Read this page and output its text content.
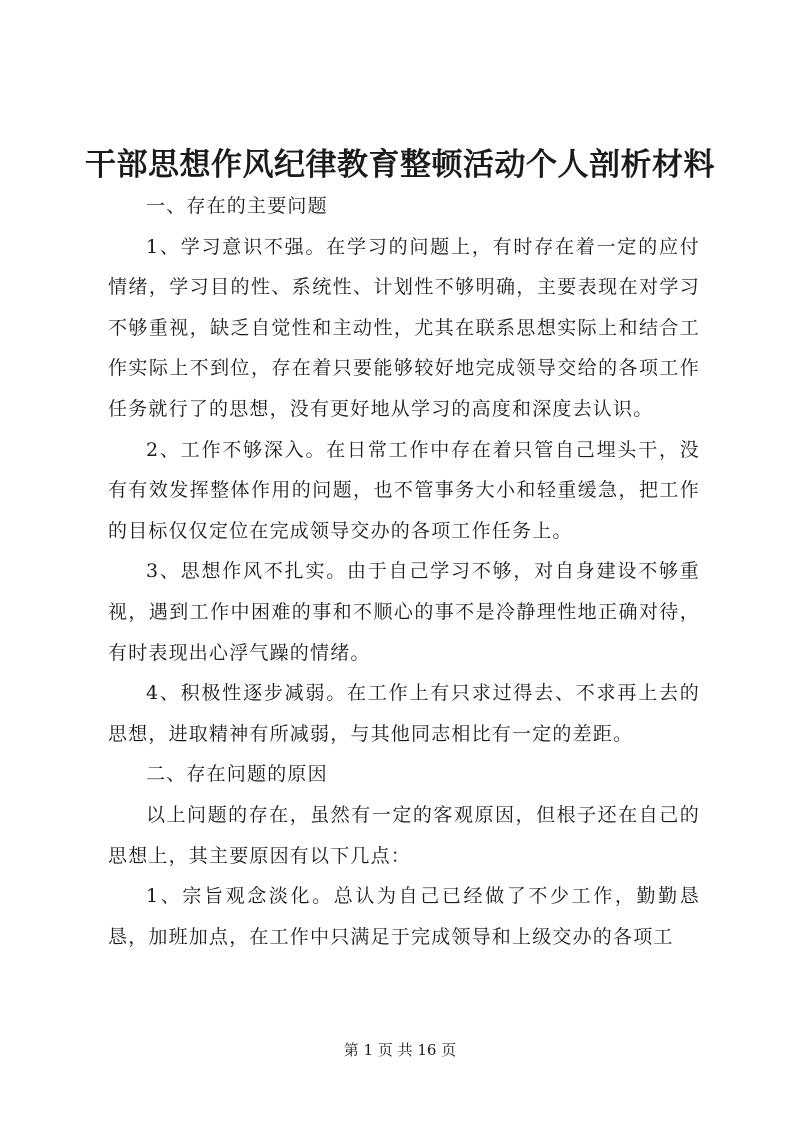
干部思想作风纪律教育整顿活动个人剖析材料

一、存在的主要问题

1、学习意识不强。在学习的问题上，有时存在着一定的应付情绪，学习目的性、系统性、计划性不够明确，主要表现在对学习不够重视，缺乏自觉性和主动性，尤其在联系思想实际上和结合工作实际上不到位，存在着只要能够较好地完成领导交给的各项工作任务就行了的思想，没有更好地从学习的高度和深度去认识。

2、工作不够深入。在日常工作中存在着只管自己埋头干，没有有效发挥整体作用的问题，也不管事务大小和轻重缓急，把工作的目标仅仅定位在完成领导交办的各项工作任务上。

3、思想作风不扎实。由于自己学习不够，对自身建设不够重视，遇到工作中困难的事和不顺心的事不是冷静理性地正确对待，有时表现出心浮气躁的情绪。

4、积极性逐步减弱。在工作上有只求过得去、不求再上去的思想，进取精神有所减弱，与其他同志相比有一定的差距。

二、存在问题的原因

以上问题的存在，虽然有一定的客观原因，但根子还在自己的思想上，其主要原因有以下几点：

1、宗旨观念淡化。总认为自己已经做了不少工作，勤勤恳恳，加班加点，在工作中只满足于完成领导和上级交办的各项工

第 1 页 共 16 页
